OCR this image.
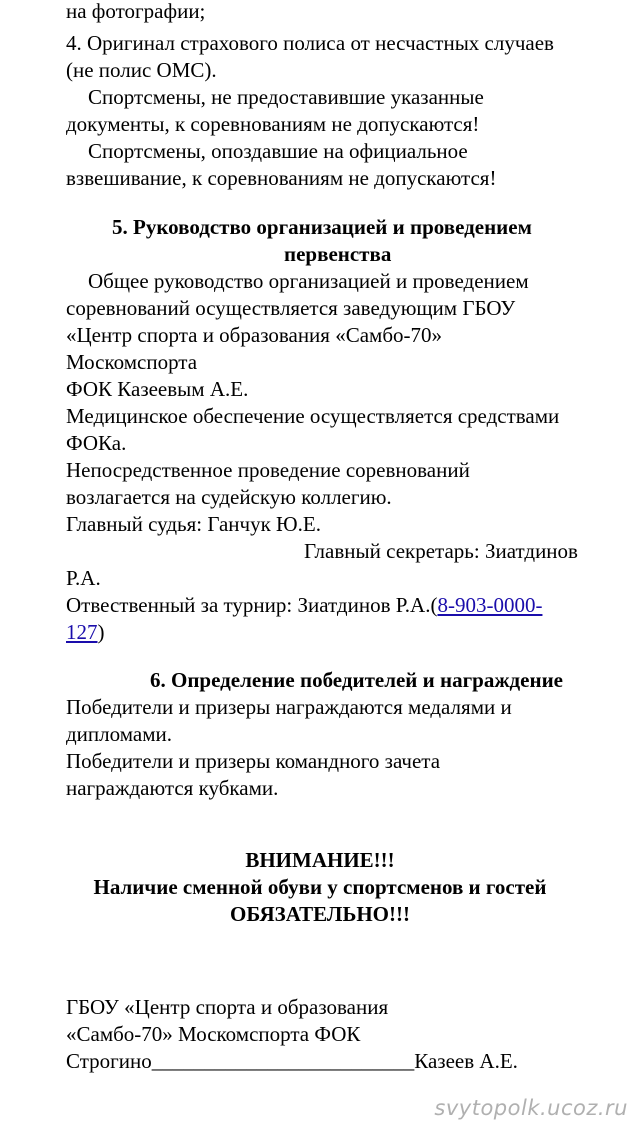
на фотографии;
4. Оригинал страхового полиса от несчастных случаев
(не полис ОМС).
Спортсмены, не предоставившие указанные
документы, к соревнованиям не допускаются!
Спортсмены, опоздавшие на официальное
взвешивание, к соревнованиям не допускаются!
5. Руководство организацией и проведением
первенства
Общее руководство организацией и проведением
соревнований осуществляется заведующим ГБОУ
«Центр спорта и образования «Самбо-70»
Москомспорта
ФОК Казеевым А.Е.
Медицинское обеспечение осуществляется средствами
ФОКа.
Непосредственное проведение соревнований
возлагается на судейскую коллегию.
Главный судья: Ганчук Ю.Е.
Главный секретарь: Зиатдинов
Р.А.
Отвественный за турнир: Зиатдинов Р.А.(8-903-0000-
127)
6. Определение победителей и награждение
Победители и призеры награждаются медалями и
дипломами.
Победители и призеры командного зачета
награждаются кубками.
ВНИМАНИЕ!!!
Наличие сменной обуви у спортсменов и гостей
ОБЯЗАТЕЛЬНО!!!
ГБОУ «Центр спорта и образования
«Самбо-70» Москомспорта ФОК
Строгино_________________________Казеев А.Е.
svytopolk.ucoz.ru
